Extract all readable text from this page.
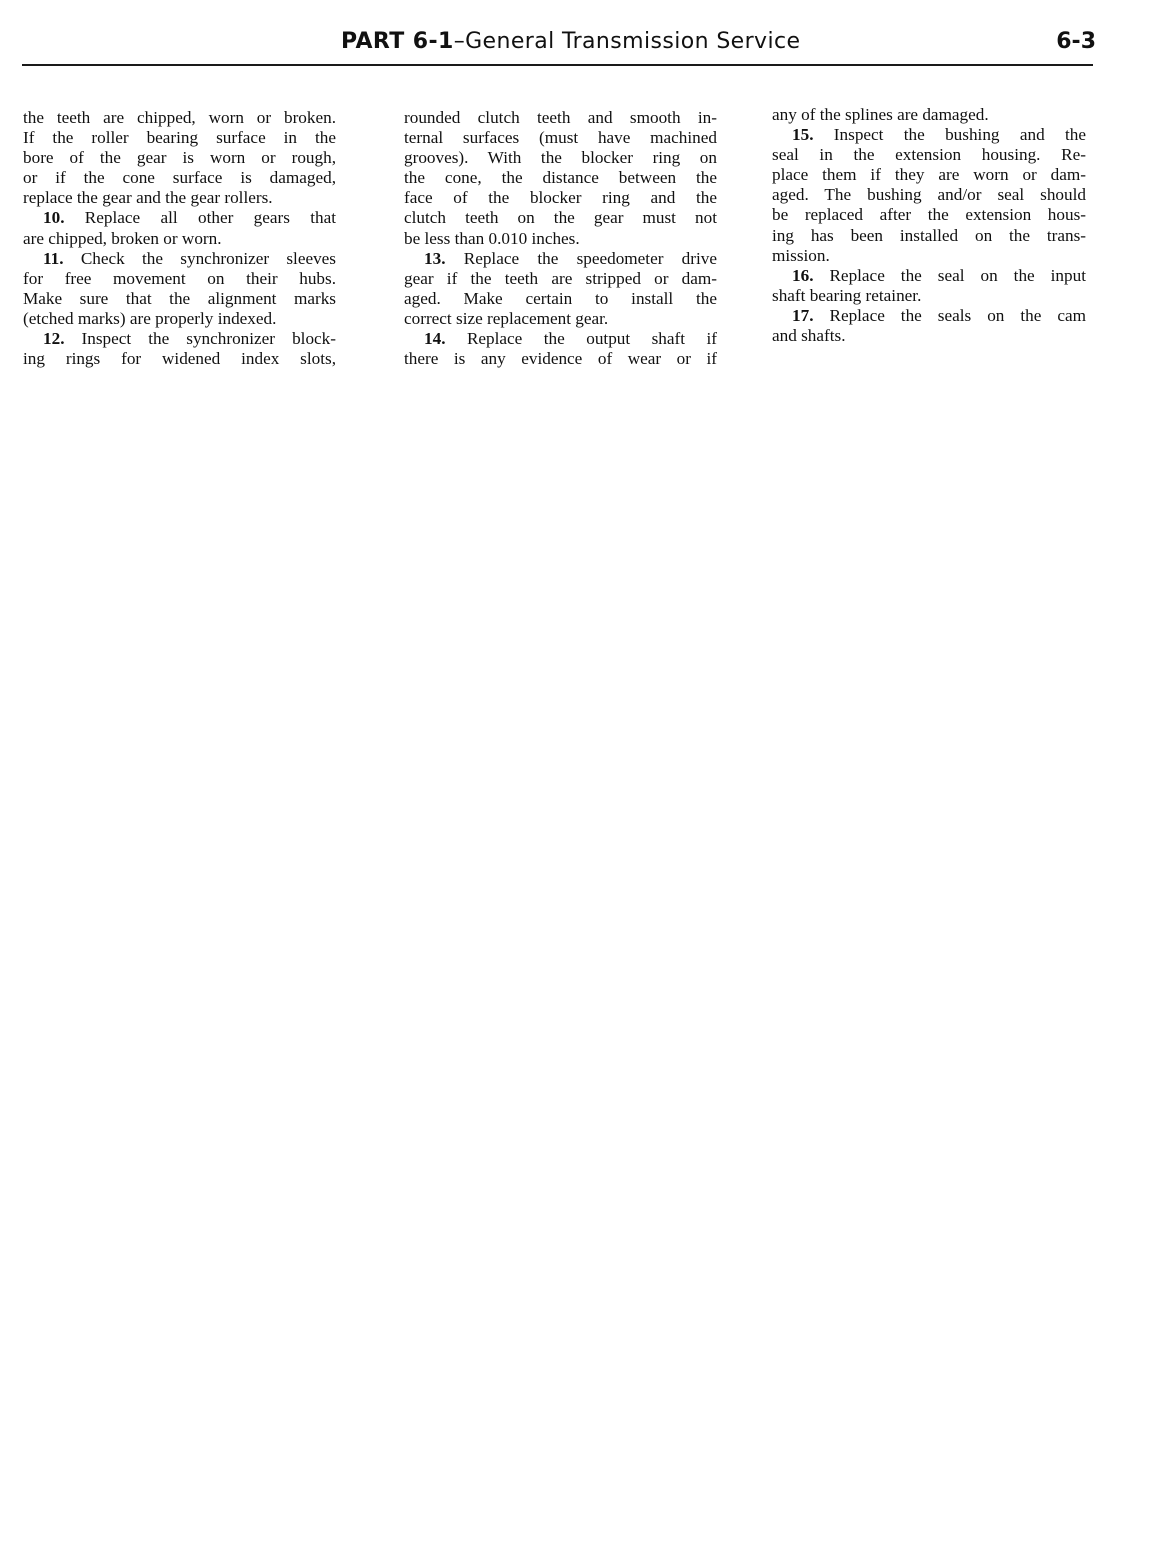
PART 6-1–General Transmission Service	6-3
the teeth are chipped, worn or broken.
If the roller bearing surface in the
bore of the gear is worn or rough,
or if the cone surface is damaged,
replace the gear and the gear rollers.
10. Replace all other gears that
are chipped, broken or worn.
11. Check the synchronizer sleeves
for free movement on their hubs.
Make sure that the alignment marks
(etched marks) are properly indexed.
12. Inspect the synchronizer block-
ing rings for widened index slots,
rounded clutch teeth and smooth in-
ternal surfaces (must have machined
grooves). With the blocker ring on
the cone, the distance between the
face of the blocker ring and the
clutch teeth on the gear must not
be less than 0.010 inches.
13. Replace the speedometer drive
gear if the teeth are stripped or dam-
aged. Make certain to install the
correct size replacement gear.
14. Replace the output shaft if
there is any evidence of wear or if
any of the splines are damaged.
15. Inspect the bushing and the
seal in the extension housing. Re-
place them if they are worn or dam-
aged. The bushing and/or seal should
be replaced after the extension hous-
ing has been installed on the trans-
mission.
16. Replace the seal on the input
shaft bearing retainer.
17. Replace the seals on the cam
and shafts.
